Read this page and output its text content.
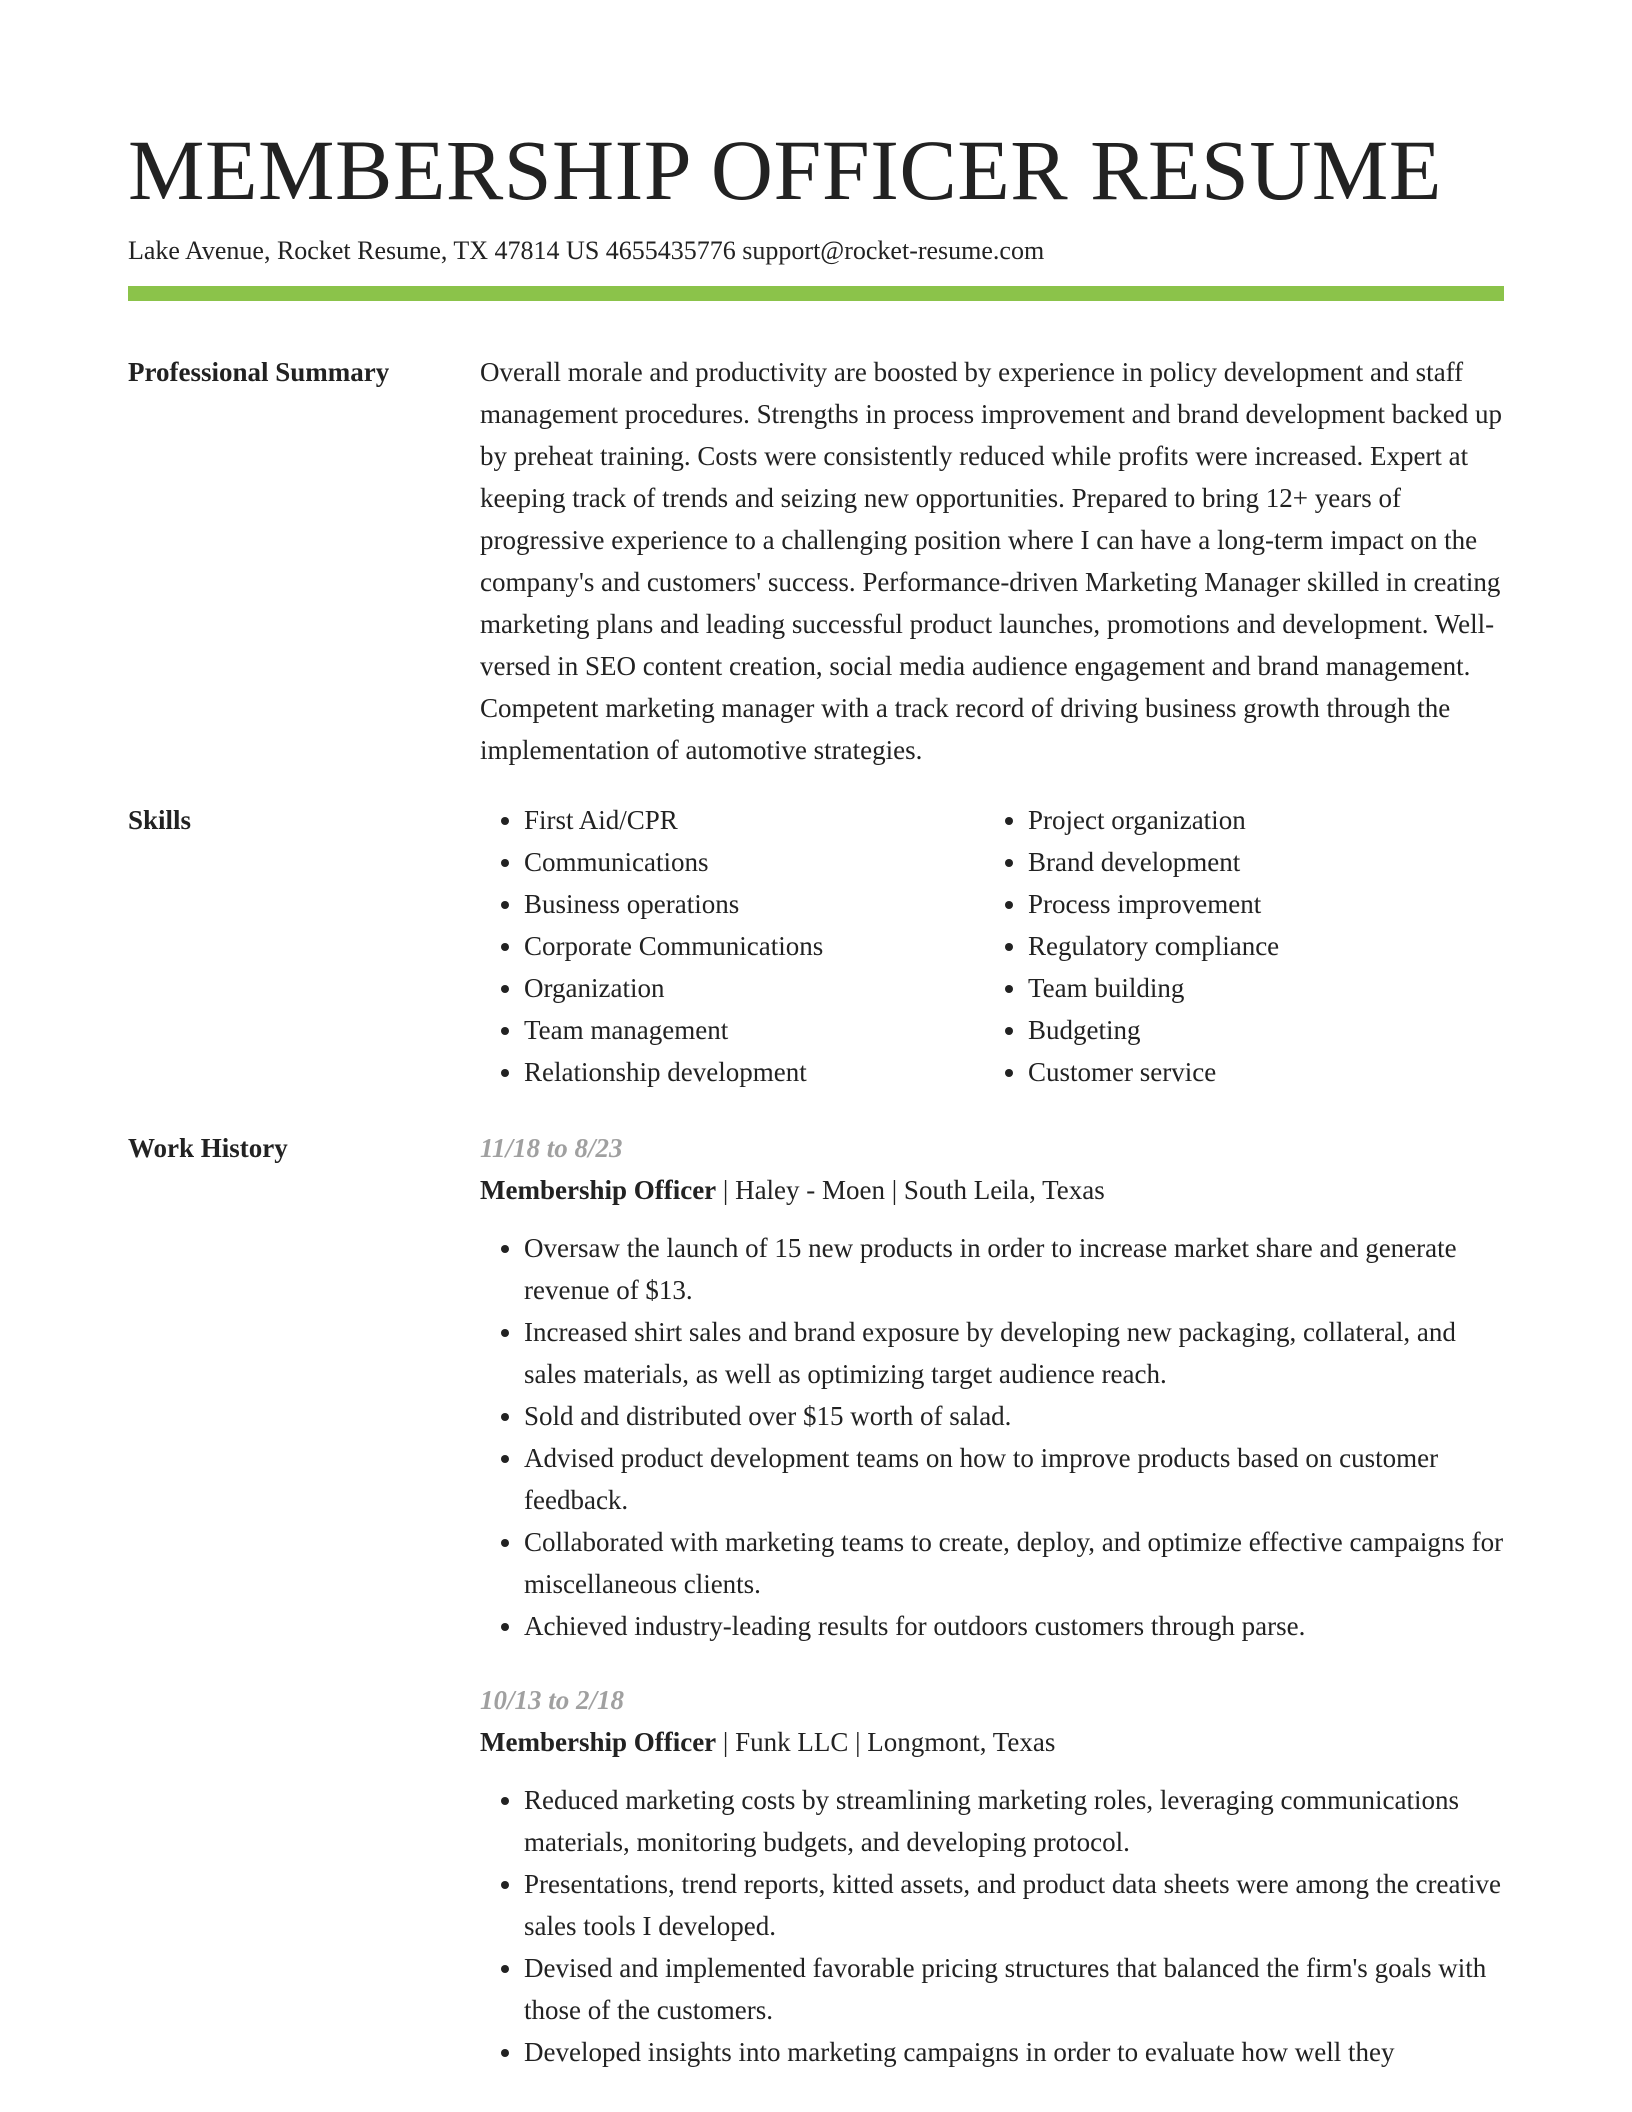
MEMBERSHIP OFFICER RESUME
Lake Avenue, Rocket Resume, TX 47814 US 4655435776 support@rocket-resume.com
Professional Summary	Overall morale and productivity are boosted by experience in policy development and staff management procedures. Strengths in process improvement and brand development backed up by preheat training. Costs were consistently reduced while profits were increased. Expert at keeping track of trends and seizing new opportunities. Prepared to bring 12+ years of progressive experience to a challenging position where I can have a long-term impact on the company's and customers' success. Performance-driven Marketing Manager skilled in creating marketing plans and leading successful product launches, promotions and development. Well-versed in SEO content creation, social media audience engagement and brand management. Competent marketing manager with a track record of driving business growth through the implementation of automotive strategies.

Skills
•	First Aid/CPR
• Communications
• Business operations
• Corporate Communications
• Organization
• Team management
• Relationship development
• Project organization
• Brand development
• Process improvement
• Regulatory compliance
• Team building
• Budgeting
• Customer service
Work History	11/18 to 8/23
Membership Officer | Haley - Moen | South Leila, Texas
• Oversaw the launch of 15 new products in order to increase market share and generate revenue of $13.
• Increased shirt sales and brand exposure by developing new packaging, collateral, and sales materials, as well as optimizing target audience reach.
• Sold and distributed over $15 worth of salad.
• Advised product development teams on how to improve products based on customer feedback.
• Collaborated with marketing teams to create, deploy, and optimize effective campaigns for miscellaneous clients.
• Achieved industry-leading results for outdoors customers through parse.
10/13 to 2/18
Membership Officer | Funk LLC | Longmont, Texas
• Reduced marketing costs by streamlining marketing roles, leveraging communications materials, monitoring budgets, and developing protocol.
• Presentations, trend reports, kitted assets, and product data sheets were among the creative sales tools I developed.
• Devised and implemented favorable pricing structures that balanced the firm's goals with those of the customers.
• Developed insights into marketing campaigns in order to evaluate how well they
